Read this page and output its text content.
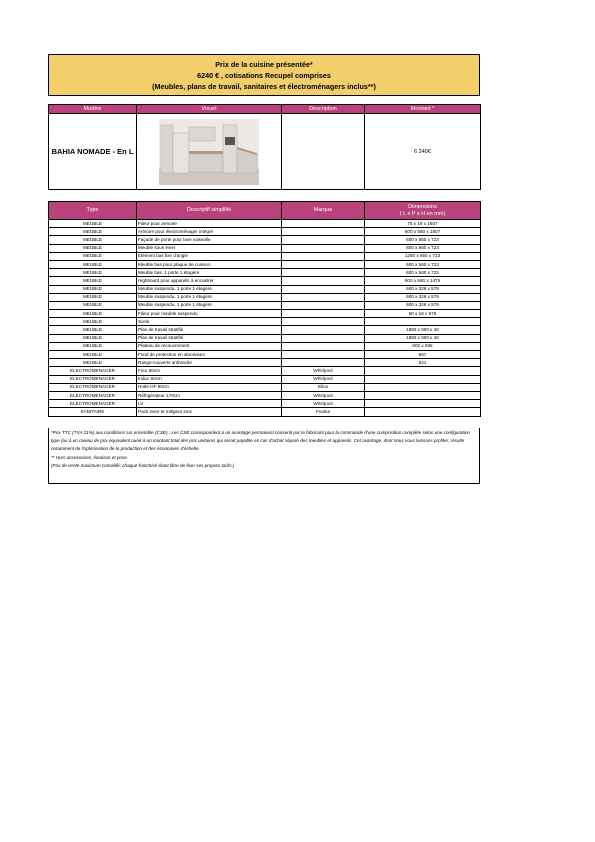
Prix de la cuisine présentée*
6240 € , cotisations Recupel comprises
(Meubles, plans de travail, sanitaires et électroménagers inclus**)
Modèle	Visuel	Description	Montant *
BAHIA NOMADE - En L			6 240€
Type	Descriptif simplifié	Marque	Dimensions
( L x P x H en mm)

MEUBLE	Fileur pour armoire		75 x 19 x 1907
MEUBLE	Armoire pour électroménager intégré		600 x 560 x 1907
MEUBLE	Façade de porte pour lave vaisselle		600 x 560 x 723
MEUBLE	Meuble sous évier		600 x 560 x 723
MEUBLE	Elément bas fixe d'angle		1250 x 650 x 723
MEUBLE	Meuble bas pour plaque de cuisson		600 x 560 x 723
MEUBLE	Meuble bas, 1 porte 1 étagère		600 x 560 x 723
MEUBLE	Highboard pour appareils à encastrer		600 x 560 x 1475
MEUBLE	Meuble suspendu, 1 porte 1 étagère		600 x 326 x 579
MEUBLE	Meuble suspendu, 1 porte 1 étagère		600 x 326 x 579
MEUBLE	Meuble suspendu, 1 porte 1 étagère		600 x 326 x 579
MEUBLE	Fileur pour meuble suspendu		50 x 16 x 579
MEUBLE	Socle		
MEUBLE	Plan de travail stratifié		1850 x 600 x 40
MEUBLE	Plan de travail stratifié		1850 x 600 x 40
MEUBLE	Plateau de recouvrement		602 x 565
MEUBLE	Fond de protection en aluminium		567
MEUBLE	Range-couverts anthracite		521
ELECTROMENAGER	Four 60cm	Whirlpool	
ELECTROMENAGER	Induc 60cm	Whirlpool	
ELECTROMENAGER	Hotte HF 90cm	Elica	
ELECTROMENAGER	Réfrigérateur 178cm	Whirlpool	
ELECTROMENAGER	LV	Whirlpool	
SANITAIRE	Pack evier et mitigeur inox	Franke	

*Prix TTC (TVA 21%) aux conditions sur ensemble (CSE) : Les CSE correspondent à un avantage permanent consenti par le fabricant pour la commande d'une composition complète selon une configuration type (ou à un niveau de prix équivalent ou/et à un montant total des prix unitaires qui serait payable en cas d'achat séparé des meubles et appareils. Cet avantage, dont nous vous laissons profiter, résulte notamment de l'optimisation de la production et des économies d'échelle.

** Hors accessoires, livraison et pose.

(Prix de vente maximum conseillé; chaque franchisé étant libre de fixer ses propres tarifs.)
